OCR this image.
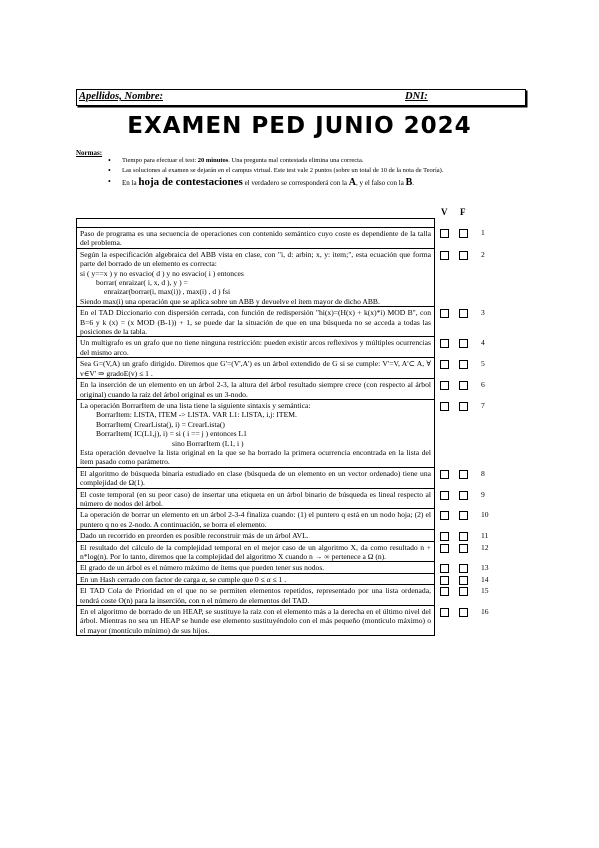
Apellidos, Nombre:	DNI:
EXAMEN PED JUNIO 2024
Normas:
• Tiempo para efectuar el test: 20 minutos. Una pregunta mal contestada elimina una correcta.
• Las soluciones al examen se dejarán en el campus virtual. Este test vale 2 puntos (sobre un total de 10 de la nota de Teoría).
• En la hoja de contestaciones el verdadero se corresponderá con la A, y el falso con la B.
V F

Paso de programa es una secuencia de operaciones con contenido semántico cuyo coste es dependiente de la talla del problema.

Según la especificación algebraica del ABB vista en clase, con "i, d: arbin; x, y: item;", esta ecuación que forma parte del borrado de un elemento es correcta:

si ( y==x ) y no esvacio( d ) y no esvacio( i ) entonces

borrar( enraizar( i, x, d ), y ) =

enraizar(borrar(i, max(i)) , max(i) , d ) fsi

Siendo max(i) una operación que se aplica sobre un ABB y devuelve el ítem mayor de dicho ABB.

En el TAD Diccionario con dispersión cerrada, con función de redispersión "hi(x)=(H(x) + k(x)*i) MOD B", con B=6 y k (x) = (x MOD (B-1)) + 1, se puede dar la situación de que en una búsqueda no se acceda a todas las posiciones de la tabla.

Un multigrafo es un grafo que no tiene ninguna restricción: pueden existir arcos reflexivos y múltiples ocurrencias del mismo arco.

Sea G=(V,A) un grafo dirigido. Diremos que G'=(V',A') es un árbol extendido de G si se cumple: V'=V, A'⊂ A, ∀ v∈V' ⇒ gradoE(v) ≤ 1 .

En la inserción de un elemento en un árbol 2-3, la altura del árbol resultado siempre crece (con respecto al árbol original) cuando la raíz del árbol original es un 3-nodo.

La operación BorrarItem de una lista tiene la siguiente sintaxis y semántica:

BorrarItem: LISTA, ITEM -> LISTA. VAR L1: LISTA, i,j: ITEM.

BorrarItem( CrearLista(), i) = CrearLista()

BorrarItem( IC(L1,j), i) = si ( i == j ) entonces L1

sino BorrarItem (L1, i )

Esta operación devuelve la lista original en la que se ha borrado la primera ocurrencia encontrada en la lista del ítem pasado como parámetro.

El algoritmo de búsqueda binaria estudiado en clase (búsqueda de un elemento en un vector ordenado) tiene una complejidad de Ω(1).

El coste temporal (en su peor caso) de insertar una etiqueta en un árbol binario de búsqueda es lineal respecto al número de nodos del árbol.

La operación de borrar un elemento en un árbol 2-3-4 finaliza cuando: (1) el puntero q está en un nodo hoja; (2) el puntero q no es 2-nodo. A continuación, se borra el elemento.

Dado un recorrido en preorden es posible reconstruir más de un árbol AVL.

El resultado del cálculo de la complejidad temporal en el mejor caso de un algoritmo X, da como resultado n + n*log(n). Por lo tanto, diremos que la complejidad del algoritmo X cuando n → ∞ pertenece a Ω (n).

El grado de un árbol es el número máximo de ítems que pueden tener sus nodos.

En un Hash cerrado con factor de carga α, se cumple que 0 ≤ α ≤ 1 .

El TAD Cola de Prioridad en el que no se permiten elementos repetidos, representado por una lista ordenada, tendrá coste O(n) para la inserción, con n el número de elementos del TAD.

En el algoritmo de borrado de un HEAP, se sustituye la raíz con el elemento más a la derecha en el último nivel del árbol. Mientras no sea un HEAP se hunde ese elemento sustituyéndolo con el más pequeño (montículo máximo) o el mayor (montículo mínimo) de sus hijos.

1
2
3
4
5
6
7
8
9
10
11
12
13
14
15
16
